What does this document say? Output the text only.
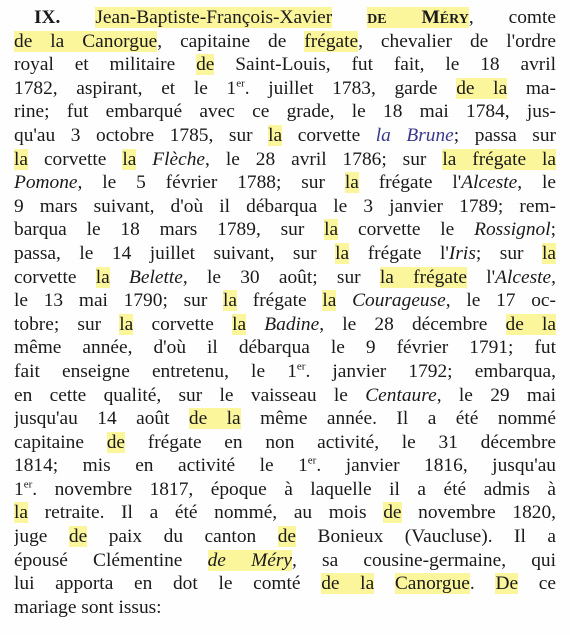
IX. Jean-Baptiste-François-Xavier de Méry, comte
de la Canorgue, capitaine de frégate, chevalier de l'ordre
royal et militaire de Saint-Louis, fut fait, le 18 avril
1782, aspirant, et le 1er. juillet 1783, garde de la ma-
rine; fut embarqué avec ce grade, le 18 mai 1784, jus-
qu'au 3 octobre 1785, sur la corvette la Brune; passa sur
la corvette la Flèche, le 28 avril 1786; sur la frégate la
Pomone, le 5 février 1788; sur la frégate l'Alceste, le
9 mars suivant, d'où il débarqua le 3 janvier 1789; rem-
barqua le 18 mars 1789, sur la corvette le Rossignol;
passa, le 14 juillet suivant, sur la frégate l'Iris; sur la
corvette la Belette, le 30 août; sur la frégate l'Alceste,
le 13 mai 1790; sur la frégate la Courageuse, le 17 oc-
tobre; sur la corvette la Badine, le 28 décembre de la
même année, d'où il débarqua le 9 février 1791; fut
fait enseigne entretenu, le 1er. janvier 1792; embarqua,
en cette qualité, sur le vaisseau le Centaure, le 29 mai
jusqu'au 14 août de la même année. Il a été nommé
capitaine de frégate en non activité, le 31 décembre
1814; mis en activité le 1er. janvier 1816, jusqu'au
1er. novembre 1817, époque à laquelle il a été admis à
la retraite. Il a été nommé, au mois de novembre 1820,
juge de paix du canton de Bonieux (Vaucluse). Il a
épousé Clémentine de Méry, sa cousine-germaine, qui
lui apporta en dot le comté de la Canorgue. De ce
mariage sont issus:
